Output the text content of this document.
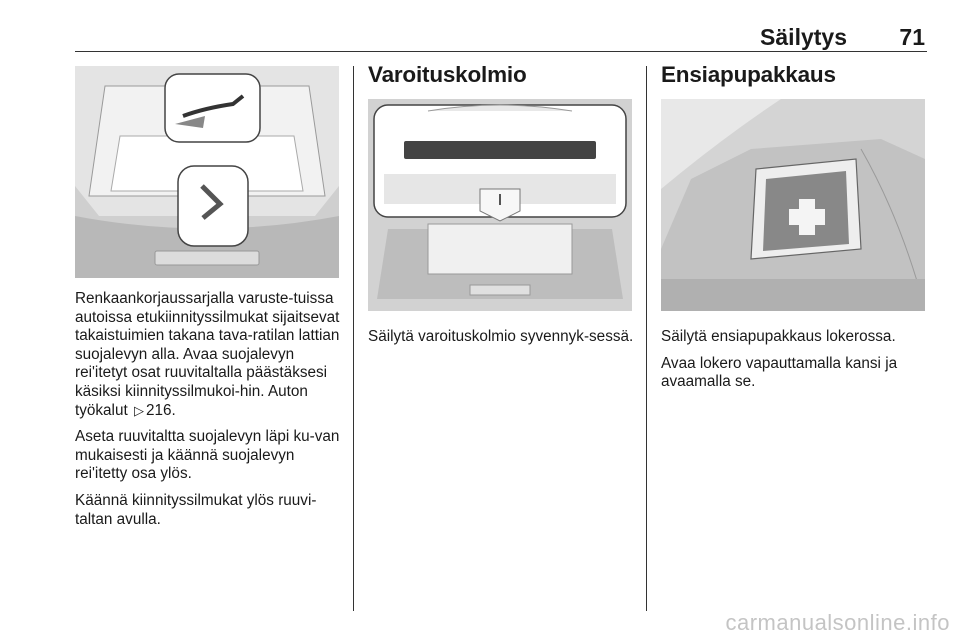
Säilytys 71

Renkaankorjaussarjalla varuste-tuissa autoissa etukiinnityssilmukat sijaitsevat takaistuimien takana tava-ratilan lattian suojalevyn alla. Avaa suojalevyn rei'itetyt osat ruuvitaltalla päästäksesi käsiksi kiinnityssilmukoi-hin. Auton työkalut ▷ 216.

Aseta ruuvitaltta suojalevyn läpi ku-van mukaisesti ja käännä suojalevyn rei'itetty osa ylös.

Käännä kiinnityssilmukat ylös ruuvi-taltan avulla.

Varoituskolmio

Säilytä varoituskolmio syvennyk-sessä.

Ensiapupakkaus

Säilytä ensiapupakkaus lokerossa.

Avaa lokero vapauttamalla kansi ja avaamalla se.

carmanualsonline.info
